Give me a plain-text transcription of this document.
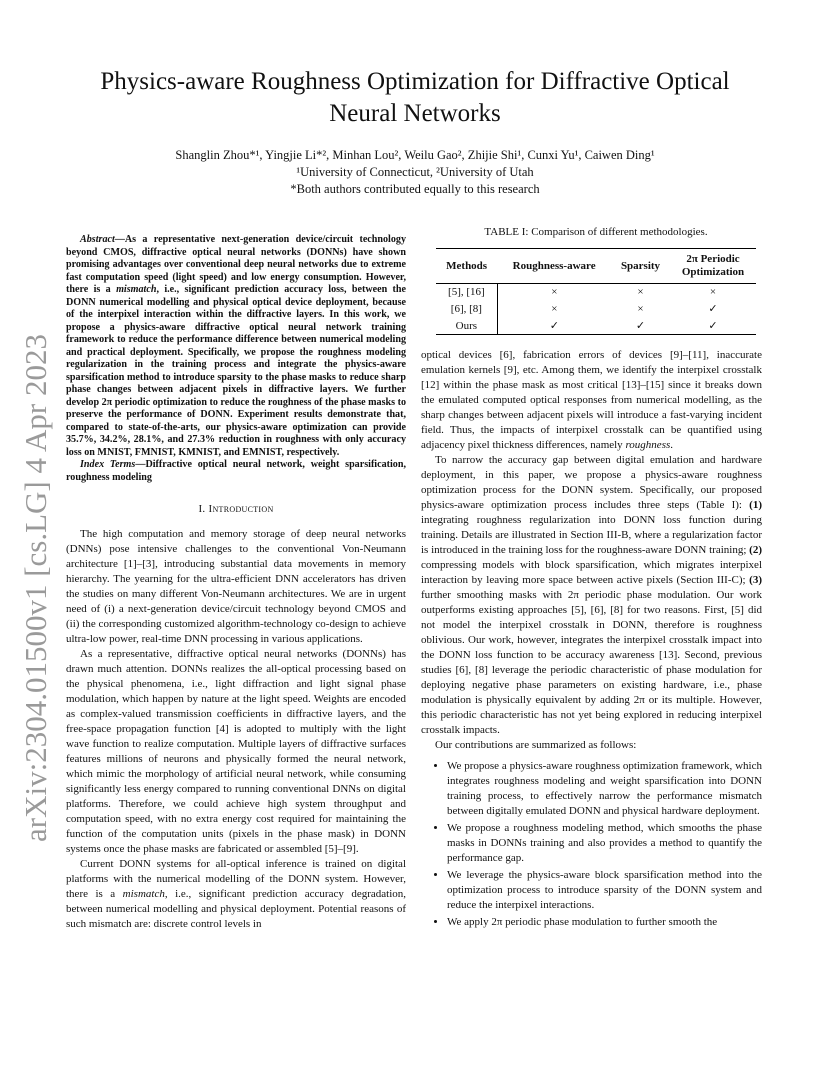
arXiv:2304.01500v1 [cs.LG] 4 Apr 2023
Physics-aware Roughness Optimization for Diffractive Optical
Neural Networks
Shanglin Zhou*¹, Yingjie Li*², Minhan Lou², Weilu Gao², Zhijie Shi¹, Cunxi Yu¹, Caiwen Ding¹
¹University of Connecticut, ²University of Utah
*Both authors contributed equally to this research

Abstract—As a representative next-generation device/circuit technology beyond CMOS, diffractive optical neural networks (DONNs) have shown promising advantages over conventional deep neural networks due to extreme fast computation speed (light speed) and low energy consumption. However, there is a mismatch, i.e., significant prediction accuracy loss, between the DONN numerical modelling and physical optical device deployment, because of the interpixel interaction within the diffractive layers. In this work, we propose a physics-aware diffractive optical neural network training framework to reduce the performance difference between numerical modeling and practical deployment. Specifically, we propose the roughness modeling regularization in the training process and integrate the physics-aware sparsification method to introduce sparsity to the phase masks to reduce sharp phase changes between adjacent pixels in diffractive layers. We further develop 2π periodic optimization to reduce the roughness of the phase masks to preserve the performance of DONN. Experiment results demonstrate that, compared to state-of-the-arts, our physics-aware optimization can provide 35.7%, 34.2%, 28.1%, and 27.3% reduction in roughness with only accuracy loss on MNIST, FMNIST, KMNIST, and EMNIST, respectively.

Index Terms—Diffractive optical neural network, weight sparsification, roughness modeling

I. Introduction

The high computation and memory storage of deep neural networks (DNNs) pose intensive challenges to the conventional Von-Neumann architecture [1]–[3], introducing substantial data movements in memory hierarchy. The yearning for the ultra-efficient DNN accelerators has driven the studies on many different Von-Neumann architectures. We are in urgent need of (i) a next-generation device/circuit technology beyond CMOS and (ii) the corresponding customized algorithm-technology co-design to achieve ultra-low power, real-time DNN processing in various applications.

As a representative, diffractive optical neural networks (DONNs) has drawn much attention. DONNs realizes the all-optical processing based on the physical phenomena, i.e., light diffraction and light signal phase modulation, which happen by nature at the light speed. Weights are encoded as complex-valued transmission coefficients in diffractive layers, and the free-space propagation function [4] is adopted to multiply with the light wave function to realize computation. Multiple layers of diffractive surfaces features millions of neurons and physically formed the neural network, which mimic the morphology of artificial neural network, while consuming significantly less energy compared to running conventional DNNs on digital platforms. Therefore, we could achieve high system throughput and computation speed, with no extra energy cost required for maintaining the function of the computation units (pixels in the phase mask) in DONN systems once the phase masks are fabricated or assembled [5]–[9].

Current DONN systems for all-optical inference is trained on digital platforms with the numerical modelling of the DONN system. However, there is a mismatch, i.e., significant prediction accuracy degradation, between numerical modelling and physical deployment. Potential reasons of such mismatch are: discrete control levels in

TABLE I: Comparison of different methodologies.
Methods	Roughness-aware	Sparsity	2π Periodic Optimization
[5], [16]	×	×	×
[6], [8]	×	×	✓
Ours	✓	✓	✓

optical devices [6], fabrication errors of devices [9]–[11], inaccurate emulation kernels [9], etc. Among them, we identify the interpixel crosstalk [12] within the phase mask as most critical [13]–[15] since it breaks down the emulated computed optical responses from numerical modelling, as the sharp changes between adjacent pixels will introduce a fast-varying incident field. Thus, the impacts of interpixel crosstalk can be quantified using adjacency pixel thickness differences, namely roughness.

To narrow the accuracy gap between digital emulation and hardware deployment, in this paper, we propose a physics-aware roughness optimization process for the DONN system. Specifically, our proposed physics-aware optimization process includes three steps (Table I): (1) integrating roughness regularization into DONN loss function during training. Details are illustrated in Section III-B, where a regularization factor is introduced in the training loss for the roughness-aware DONN training; (2) compressing models with block sparsification, which migrates interpixel interaction by leaving more space between active pixels (Section III-C); (3) further smoothing masks with 2π periodic phase modulation. Our work outperforms existing approaches [5], [6], [8] for two reasons. First, [5] did not model the interpixel crosstalk in DONN, therefore is roughness oblivious. Our work, however, integrates the interpixel crosstalk impact into the DONN loss function to be accuracy awareness [13]. Second, previous studies [6], [8] leverage the periodic characteristic of phase modulation for deploying negative phase parameters on existing hardware, i.e., phase modulation is physically equivalent by adding 2π or its multiple. However, this periodic characteristic has not yet being explored in reducing interpixel crosstalk impacts.

Our contributions are summarized as follows:

• We propose a physics-aware roughness optimization framework, which integrates roughness modeling and weight sparsification into DONN training process, to effectively narrow the performance mismatch between digitally emulated DONN and physical hardware deployment.
• We propose a roughness modeling method, which smooths the phase masks in DONNs training and also provides a method to quantify the performance gap.
• We leverage the physics-aware block sparsification method into the optimization process to introduce sparsity of the DONN system and reduce the interpixel interactions.
• We apply 2π periodic phase modulation to further smooth the
